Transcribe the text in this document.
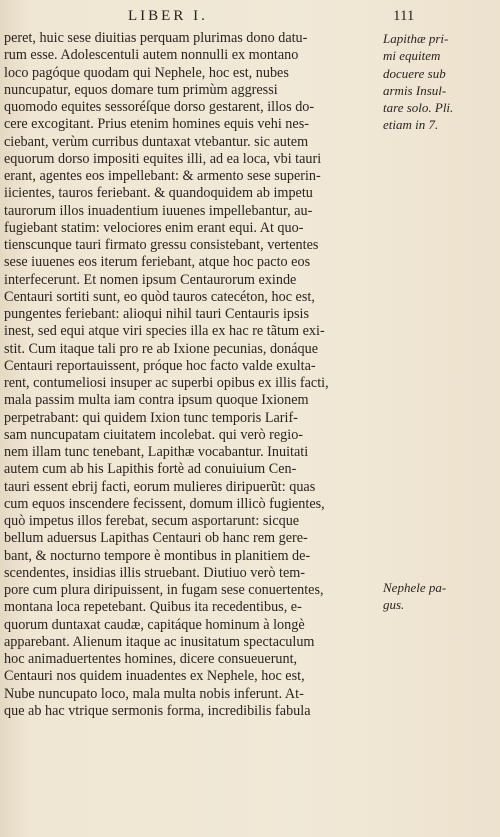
LIBER I.	111
peret, huic sese diuitias perquam plurimas dono datu-
rum esse. Adolescentuli autem nonnulli ex montano
loco pagóque quodam qui Nephele, hoc est, nubes
nuncupatur, equos domare tum primùm aggressi
quomodo equites sessoréſque dorso gestarent, illos do-
cere excogitant. Prius etenim homines equis vehi nes-
ciebant, verùm curribus duntaxat vtebantur. sic autem
equorum dorso impositi equites illi, ad ea loca, vbi tauri
erant, agentes eos impellebant: & armento sese superin-
iicientes, tauros feriebant. & quandoquidem ab impetu
taurorum illos inuadentium iuuenes impellebantur, au-
fugiebant statim: velociores enim erant equi. At quo-
tienscunque tauri firmato gressu consistebant, vertentes
sese iuuenes eos iterum feriebant, atque hoc pacto eos
interfecerunt. Et nomen ipsum Centaurorum exinde
Centauri sortiti sunt, eo quòd tauros catecéton, hoc est,
pungentes feriebant: alioqui nihil tauri Centauris ipsis
inest, sed equi atque viri species illa ex hac re tãtum exi-
stit. Cum itaque tali pro re ab Ixione pecunias, donáque
Centauri reportauissent, próque hoc facto valde exulta-
rent, contumeliosi insuper ac superbi opibus ex illis facti,
mala passim multa iam contra ipsum quoque Ixionem
perpetrabant: qui quidem Ixion tunc temporis Larif-
sam nuncupatam ciuitatem incolebat. qui verò regio-
nem illam tunc tenebant, Lapithæ vocabantur. Inuitati
autem cum ab his Lapithis fortè ad conuiuium Cen-
tauri essent ebrij facti, eorum mulieres diripuerũt: quas
cum equos inscendere fecissent, domum illicò fugientes,
quò impetus illos ferebat, secum asportarunt: sicque
bellum aduersus Lapithas Centauri ob hanc rem gere-
bant, & nocturno tempore è montibus in planitiem de-
scendentes, insidias illis struebant. Diutiuo verò tem-
pore cum plura diripuissent, in fugam sese conuertentes,
montana loca repetebant. Quibus ita recedentibus, e-
quorum duntaxat caudæ, capitáque hominum à longè
apparebant. Alienum itaque ac inusitatum spectaculum
hoc animaduertentes homines, dicere consueuerunt,
Centauri nos quidem inuadentes ex Nephele, hoc est,
Nube nuncupato loco, mala multa nobis inferunt. At-
que ab hac vtrique sermonis forma, incredibilis fabula
Lapithæ pri-
mi equitem
docuere sub
armis Insul-
tare solo. Pli.
etiam in 7.
Nephele pa-
gus.
